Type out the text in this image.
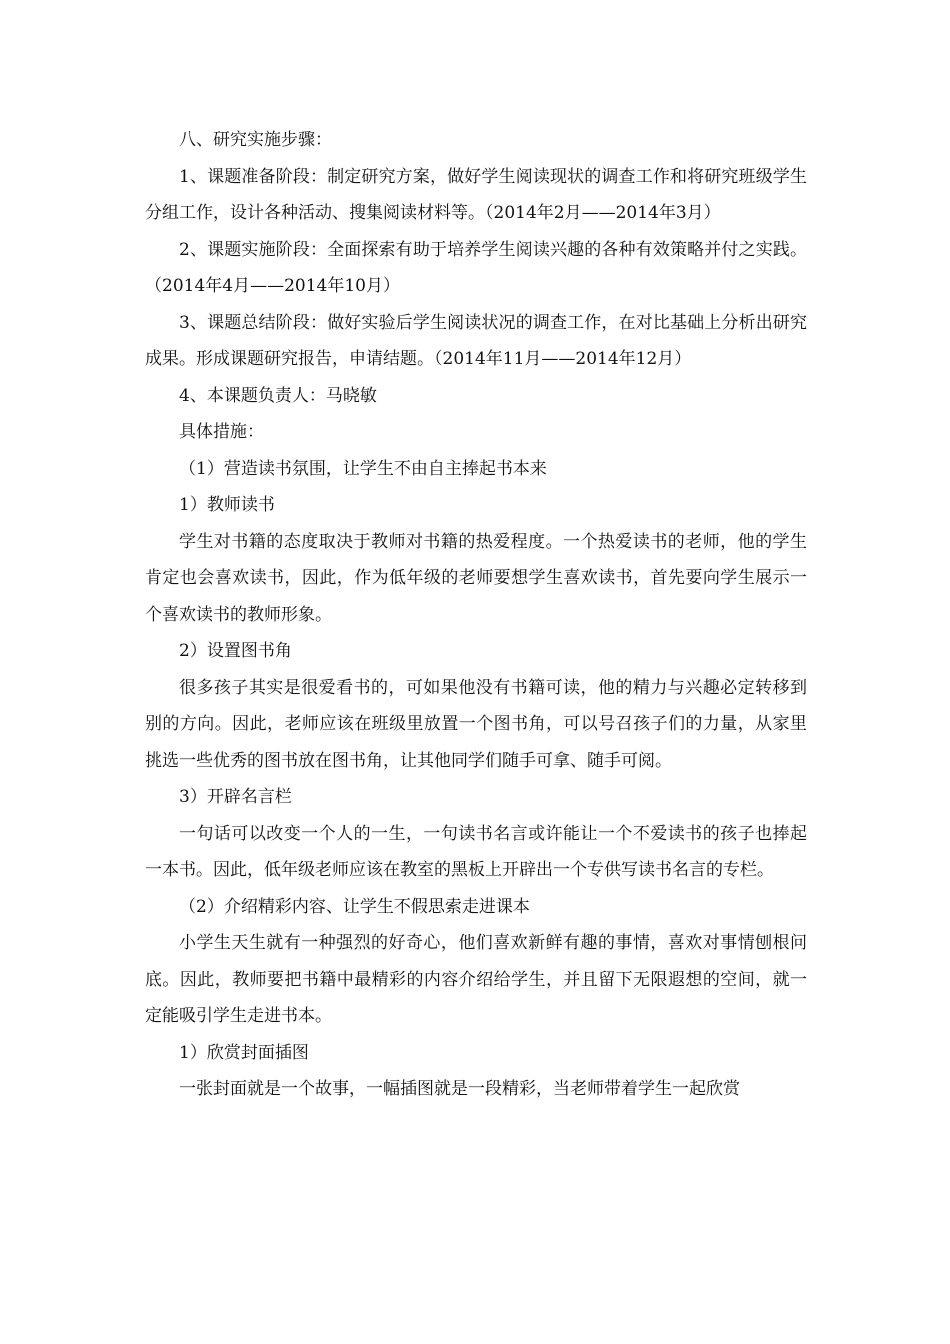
八、研究实施步骤：

1、课题准备阶段：制定研究方案，做好学生阅读现状的调查工作和将研究班级学生分组工作，设计各种活动、搜集阅读材料等。（2014年2月——2014年3月）

2、课题实施阶段：全面探索有助于培养学生阅读兴趣的各种有效策略并付之实践。（2014年4月——2014年10月）

3、课题总结阶段：做好实验后学生阅读状况的调查工作，在对比基础上分析出研究成果。形成课题研究报告，申请结题。（2014年11月——2014年12月）

4、本课题负责人：马晓敏

具体措施：

（1）营造读书氛围，让学生不由自主捧起书本来

1）教师读书

学生对书籍的态度取决于教师对书籍的热爱程度。一个热爱读书的老师，他的学生肯定也会喜欢读书，因此，作为低年级的老师要想学生喜欢读书，首先要向学生展示一个喜欢读书的教师形象。

2）设置图书角

很多孩子其实是很爱看书的，可如果他没有书籍可读，他的精力与兴趣必定转移到别的方向。因此，老师应该在班级里放置一个图书角，可以号召孩子们的力量，从家里挑选一些优秀的图书放在图书角，让其他同学们随手可拿、随手可阅。

3）开辟名言栏

一句话可以改变一个人的一生，一句读书名言或许能让一个不爱读书的孩子也捧起一本书。因此，低年级老师应该在教室的黑板上开辟出一个专供写读书名言的专栏。

（2）介绍精彩内容、让学生不假思索走进课本

小学生天生就有一种强烈的好奇心，他们喜欢新鲜有趣的事情，喜欢对事情刨根问底。因此，教师要把书籍中最精彩的内容介绍给学生，并且留下无限遐想的空间，就一定能吸引学生走进书本。

1）欣赏封面插图

一张封面就是一个故事，一幅插图就是一段精彩，当老师带着学生一起欣赏
